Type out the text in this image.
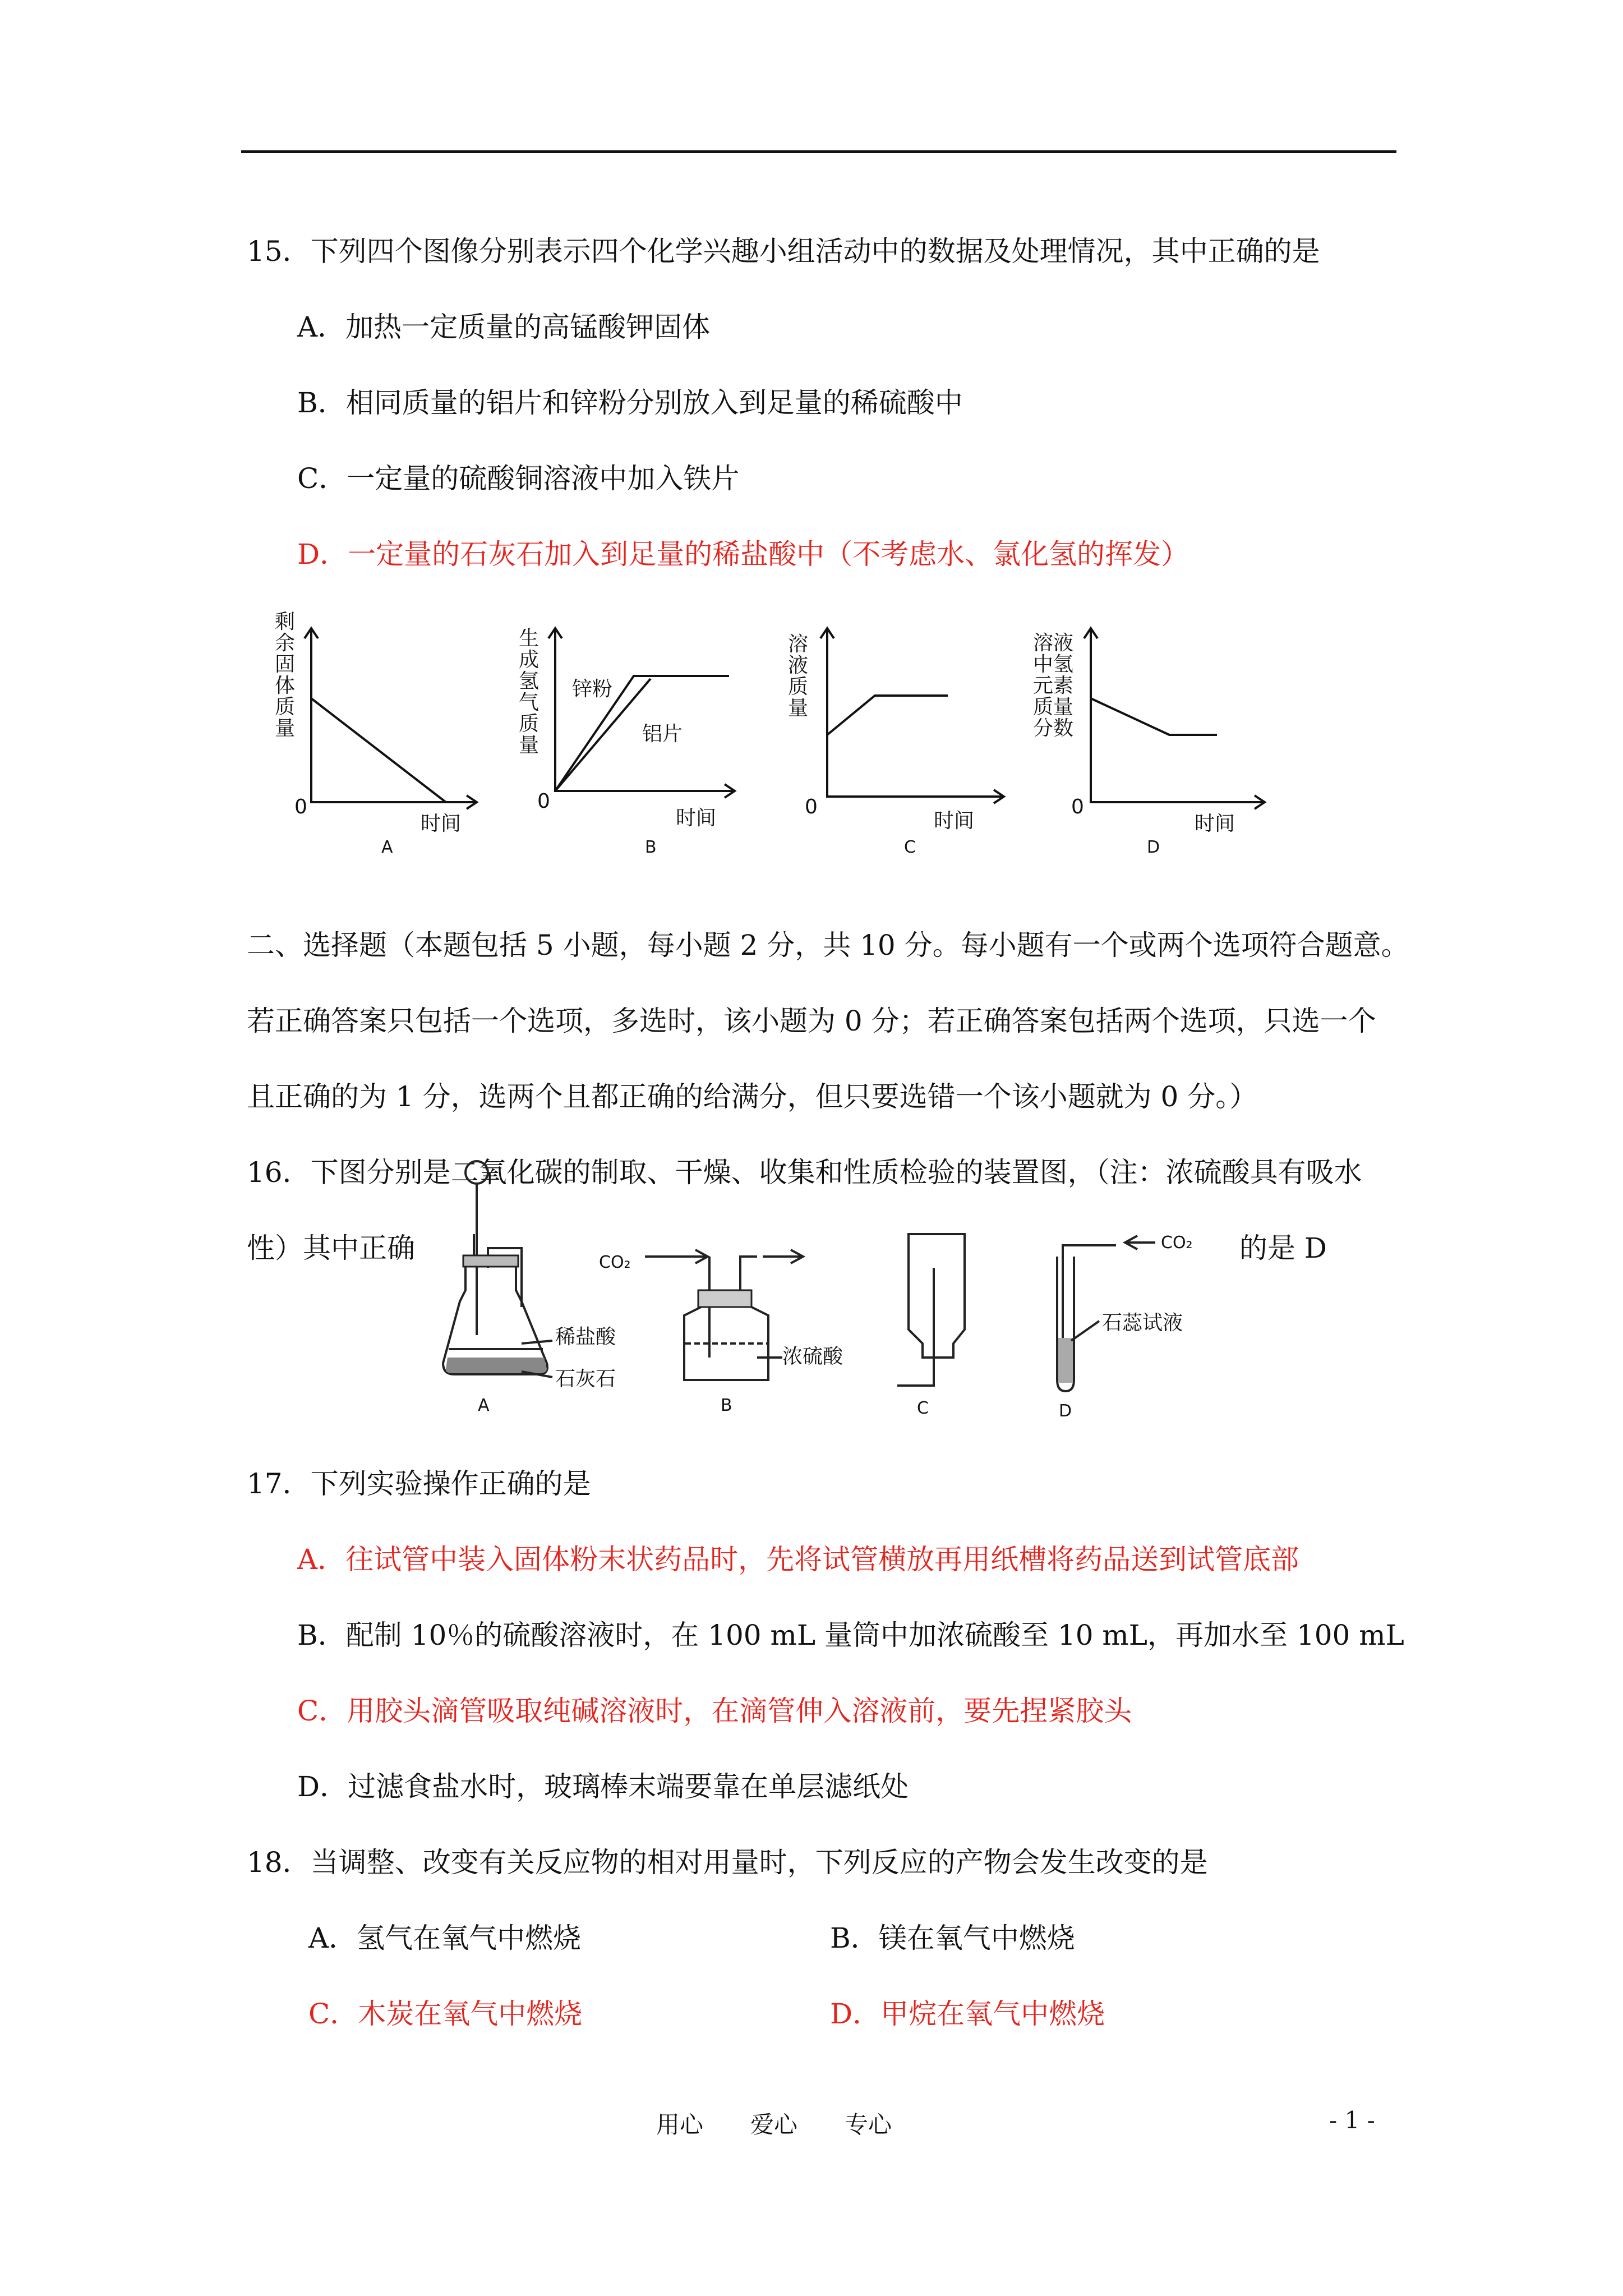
15．下列四个图像分别表示四个化学兴趣小组活动中的数据及处理情况，其中正确的是
A．加热一定质量的高锰酸钾固体
B．相同质量的铝片和锌粉分别放入到足量的稀硫酸中
C．一定量的硫酸铜溶液中加入铁片
D．一定量的石灰石加入到足量的稀盐酸中（不考虑水、氯化氢的挥发）
剩
余
固
体
质
量
0
时间
A
生
成
氢
气
质
量
锌粉
铝片
0
时间
B
溶
液
质
量
0
时间
C
溶液
中氢
元素
质量
分数
0
时间
D
二、选择题（本题包括 5 小题，每小题 2 分，共 10 分。每小题有一个或两个选项符合题意。
若正确答案只包括一个选项，多选时，该小题为 0 分；若正确答案包括两个选项，只选一个
且正确的为 1 分，选两个且都正确的给满分，但只要选错一个该小题就为 0 分。）
16．下图分别是二氧化碳的制取、干燥、收集和性质检验的装置图，（注：浓硫酸具有吸水
性）其中正确	的是 D
稀盐酸
石灰石
A
CO₂
浓硫酸
B	C
CO₂
石蕊试液
D
17．下列实验操作正确的是
A．往试管中装入固体粉末状药品时，先将试管横放再用纸槽将药品送到试管底部
B．配制 10％的硫酸溶液时，在 100 mL 量筒中加浓硫酸至 10 mL，再加水至 100 mL
C．用胶头滴管吸取纯碱溶液时，在滴管伸入溶液前，要先捏紧胶头
D．过滤食盐水时，玻璃棒末端要靠在单层滤纸处
18．当调整、改变有关反应物的相对用量时，下列反应的产物会发生改变的是
A．氢气在氧气中燃烧	B．镁在氧气中燃烧
C．木炭在氧气中燃烧	D．甲烷在氧气中燃烧
用心　　爱心　　专心	- 1 -
